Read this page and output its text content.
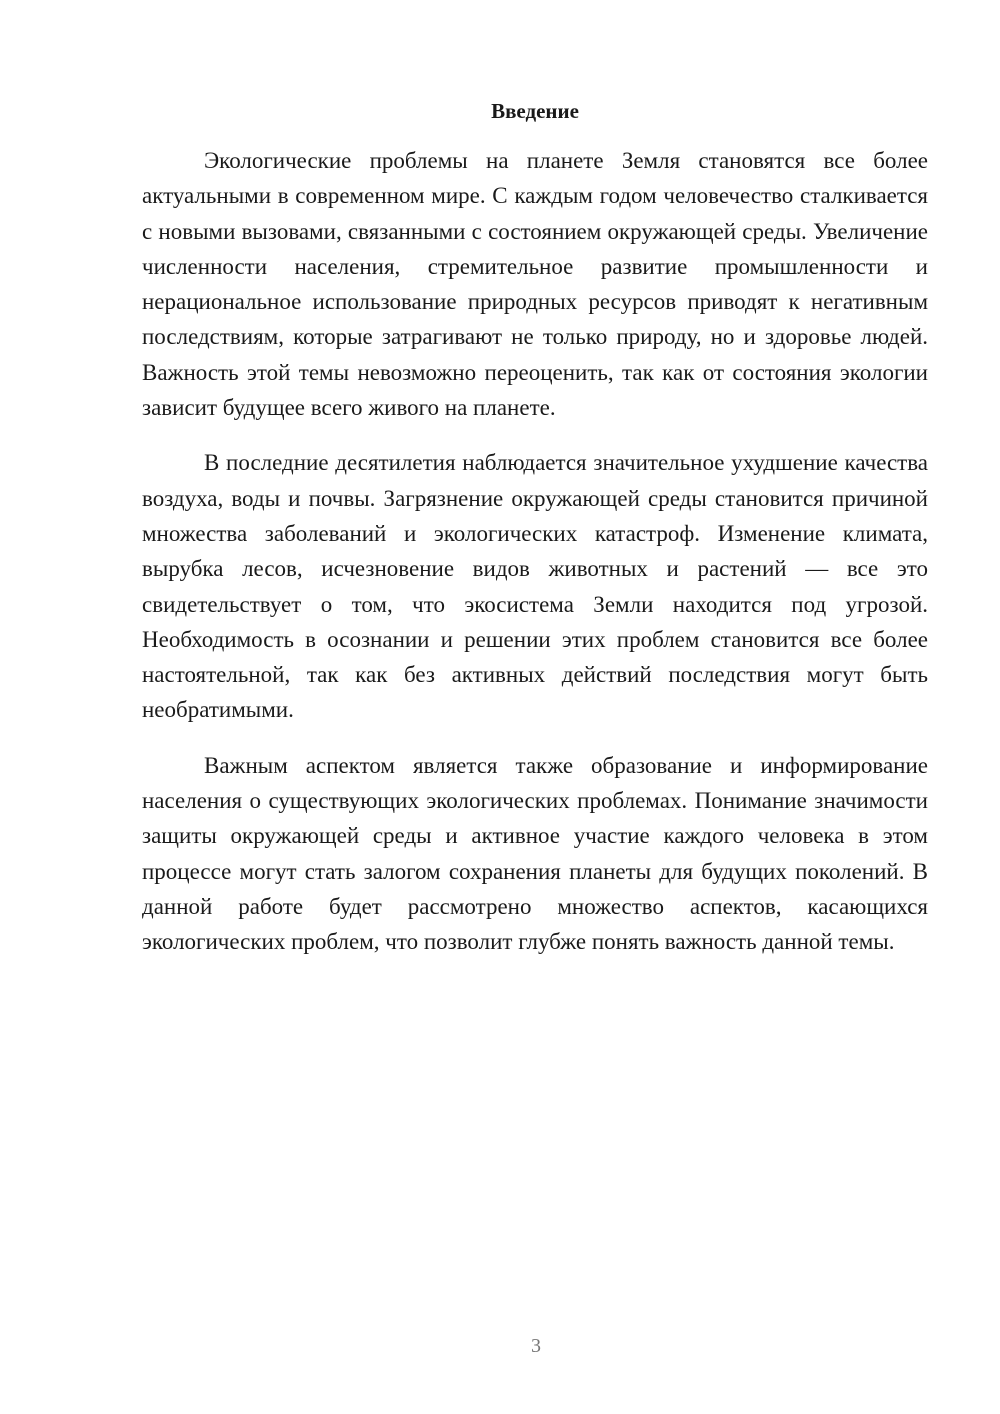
Введение

Экологические проблемы на планете Земля становятся все более актуальными в современном мире. С каждым годом человечество сталкивается с новыми вызовами, связанными с состоянием окружающей среды. Увеличение численности населения, стремительное развитие промышленности и нерациональное использование природных ресурсов приводят к негативным последствиям, которые затрагивают не только природу, но и здоровье людей. Важность этой темы невозможно переоценить, так как от состояния экологии зависит будущее всего живого на планете.

В последние десятилетия наблюдается значительное ухудшение качества воздуха, воды и почвы. Загрязнение окружающей среды становится причиной множества заболеваний и экологических катастроф. Изменение климата, вырубка лесов, исчезновение видов животных и растений — все это свидетельствует о том, что экосистема Земли находится под угрозой. Необходимость в осознании и решении этих проблем становится все более настоятельной, так как без активных действий последствия могут быть необратимыми.

Важным аспектом является также образование и информирование населения о существующих экологических проблемах. Понимание значимости защиты окружающей среды и активное участие каждого человека в этом процессе могут стать залогом сохранения планеты для будущих поколений. В данной работе будет рассмотрено множество аспектов, касающихся экологических проблем, что позволит глубже понять важность данной темы.

3
